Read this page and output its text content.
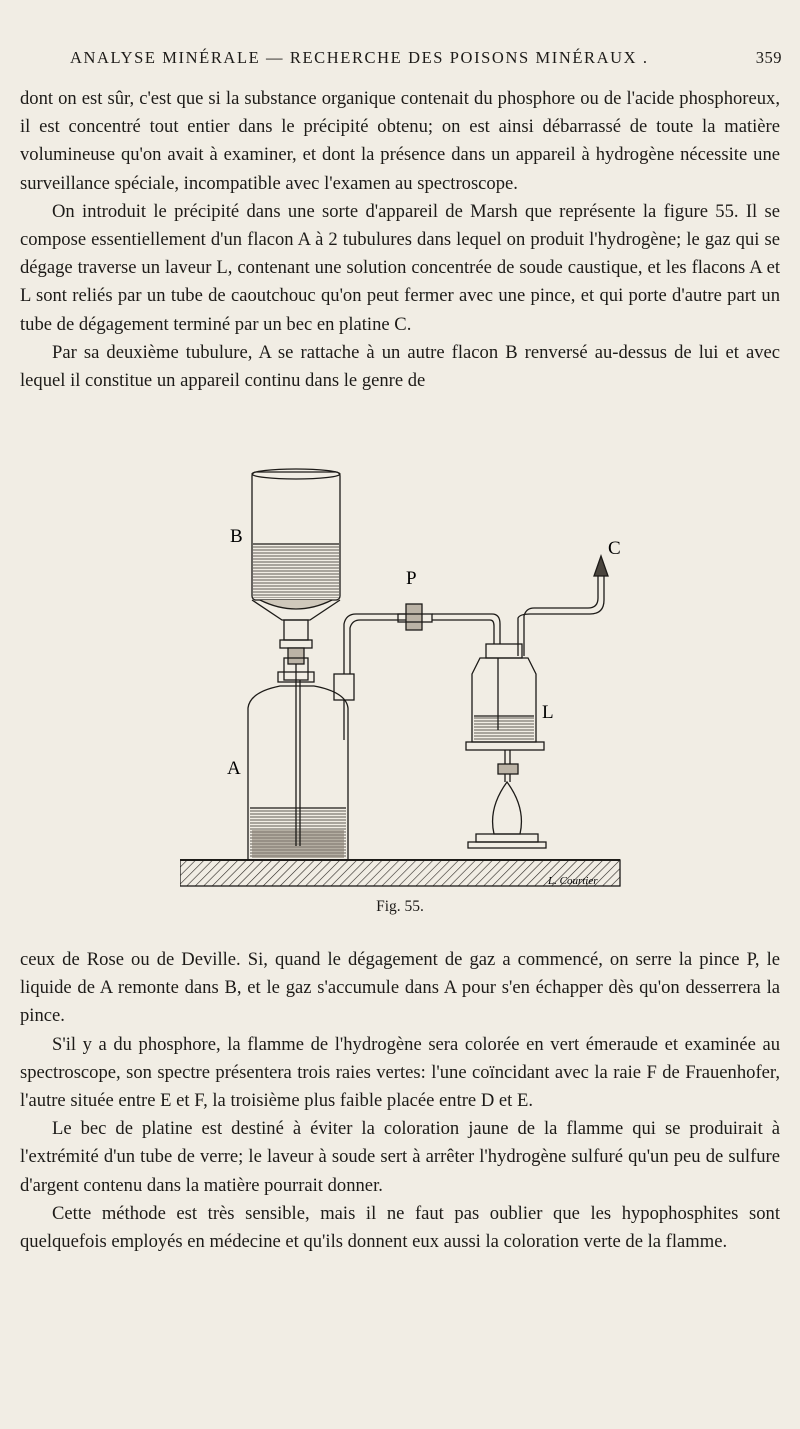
ANALYSE MINÉRALE — RECHERCHE DES POISONS MINÉRAUX .	359

dont on est sûr, c'est que si la substance organique contenait du phosphore ou de l'acide phosphoreux, il est concentré tout entier dans le précipité obtenu; on est ainsi débarrassé de toute la matière volumineuse qu'on avait à examiner, et dont la présence dans un appareil à hydrogène nécessite une surveillance spéciale, incompatible avec l'examen au spectroscope.

On introduit le précipité dans une sorte d'appareil de Marsh que représente la figure 55. Il se compose essentiellement d'un flacon A à 2 tubulures dans lequel on produit l'hydrogène; le gaz qui se dégage traverse un laveur L, contenant une solution concentrée de soude caustique, et les flacons A et L sont reliés par un tube de caoutchouc qu'on peut fermer avec une pince, et qui porte d'autre part un tube de dégagement terminé par un bec en platine C.

Par sa deuxième tubulure, A se rattache à un autre flacon B renversé au-dessus de lui et avec lequel il constitue un appareil continu dans le genre de

B
A
P
C
L
L. Courtier
Fig. 55.

ceux de Rose ou de Deville. Si, quand le dégagement de gaz a commencé, on serre la pince P, le liquide de A remonte dans B, et le gaz s'accumule dans A pour s'en échapper dès qu'on desserrera la pince.

S'il y a du phosphore, la flamme de l'hydrogène sera colorée en vert émeraude et examinée au spectroscope, son spectre présentera trois raies vertes: l'une coïncidant avec la raie F de Frauenhofer, l'autre située entre E et F, la troisième plus faible placée entre D et E.

Le bec de platine est destiné à éviter la coloration jaune de la flamme qui se produirait à l'extrémité d'un tube de verre; le laveur à soude sert à arrêter l'hydrogène sulfuré qu'un peu de sulfure d'argent contenu dans la matière pourrait donner.

Cette méthode est très sensible, mais il ne faut pas oublier que les hypophosphites sont quelquefois employés en médecine et qu'ils donnent eux aussi la coloration verte de la flamme.
